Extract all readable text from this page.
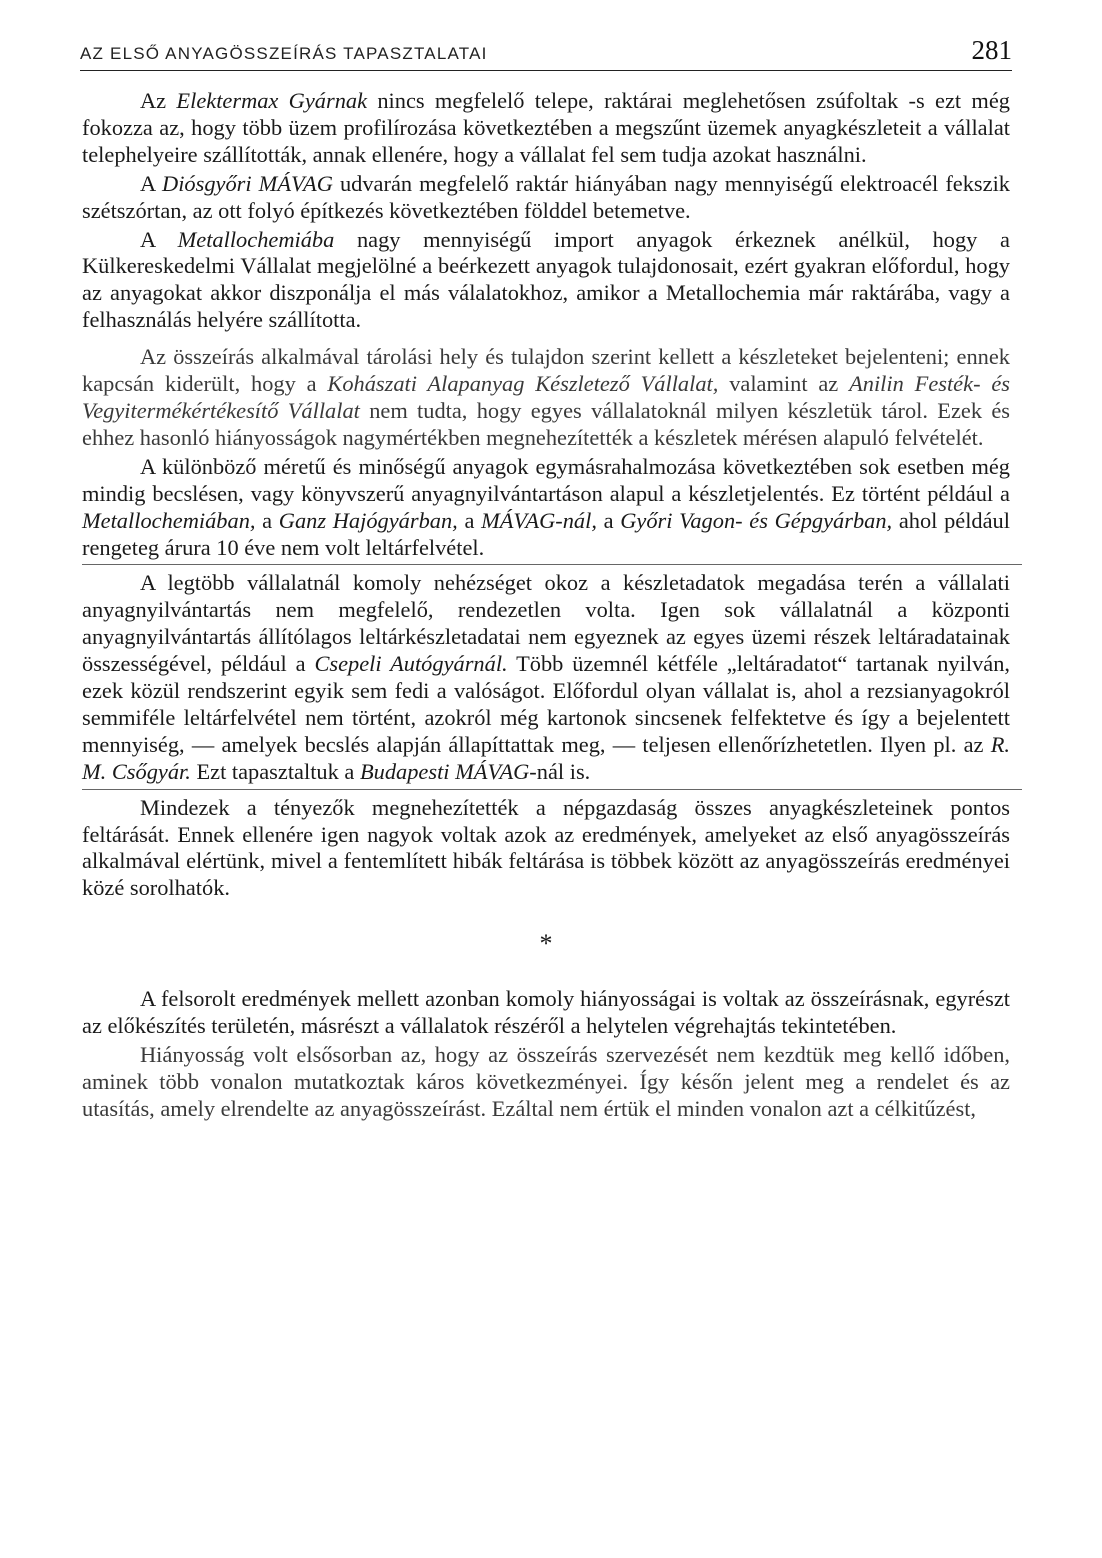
AZ ELSŐ ANYAGÖSSZEÍRÁS TAPASZTALATAI	281

Az Elektermax Gyárnak nincs megfelelő telepe, raktárai meglehetősen zsúfoltak -s ezt még fokozza az, hogy több üzem profilírozása következtében a megszűnt üzemek anyagkészleteit a vállalat telephelyeire szállították, annak ellenére, hogy a vállalat fel sem tudja azokat használni.

A Diósgyőri MÁVAG udvarán megfelelő raktár hiányában nagy mennyiségű elektroacél fekszik szétszórtan, az ott folyó építkezés következtében földdel betemetve.

A Metallochemiába nagy mennyiségű import anyagok érkeznek anélkül, hogy a Külkereskedelmi Vállalat megjelölné a beérkezett anyagok tulajdonosait, ezért gyakran előfordul, hogy az anyagokat akkor diszponálja el más válalatokhoz, amikor a Metallochemia már raktárába, vagy a felhasználás helyére szállította.

Az összeírás alkalmával tárolási hely és tulajdon szerint kellett a készleteket bejelenteni; ennek kapcsán kiderült, hogy a Kohászati Alapanyag Készletező Vállalat, valamint az Anilin Festék- és Vegyitermékértékesítő Vállalat nem tudta, hogy egyes vállalatoknál milyen készletük tárol. Ezek és ehhez hasonló hiányosságok nagymértékben megnehezítették a készletek mérésen alapuló felvételét.

A különböző méretű és minőségű anyagok egymásrahalmozása következtében sok esetben még mindig becslésen, vagy könyvszerű anyagnyilvántartáson alapul a készletjelentés. Ez történt például a Metallochemiában, a Ganz Hajógyárban, a MÁVAG-nál, a Győri Vagon- és Gépgyárban, ahol például rengeteg árura 10 éve nem volt leltárfelvétel.

A legtöbb vállalatnál komoly nehézséget okoz a készletadatok megadása terén a vállalati anyagnyilvántartás nem megfelelő, rendezetlen volta. Igen sok vállalatnál a központi anyagnyilvántartás állítólagos leltárkészletadatai nem egyeznek az egyes üzemi részek leltáradatainak összességével, például a Csepeli Autógyárnál. Több üzemnél kétféle „leltáradatot“ tartanak nyilván, ezek közül rendszerint egyik sem fedi a valóságot. Előfordul olyan vállalat is, ahol a rezsianyagokról semmiféle leltárfelvétel nem történt, azokról még kartonok sincsenek felfektetve és így a bejelentett mennyiség, — amelyek becslés alapján állapíttattak meg, — teljesen ellenőrízhetetlen. Ilyen pl. az R. M. Csőgyár. Ezt tapasztaltuk a Budapesti MÁVAG-nál is.

Mindezek a tényezők megnehezítették a népgazdaság összes anyagkészleteinek pontos feltárását. Ennek ellenére igen nagyok voltak azok az eredmények, amelyeket az első anyagösszeírás alkalmával elértünk, mivel a fentemlített hibák feltárása is többek között az anyagösszeírás eredményei közé sorolhatók.

*

A felsorolt eredmények mellett azonban komoly hiányosságai is voltak az összeírásnak, egyrészt az előkészítés területén, másrészt a vállalatok részéről a helytelen végrehajtás tekintetében.

Hiányosság volt elsősorban az, hogy az összeírás szervezését nem kezdtük meg kellő időben, aminek több vonalon mutatkoztak káros következményei. Így későn jelent meg a rendelet és az utasítás, amely elrendelte az anyagösszeírást. Ezáltal nem értük el minden vonalon azt a célkitűzést,
